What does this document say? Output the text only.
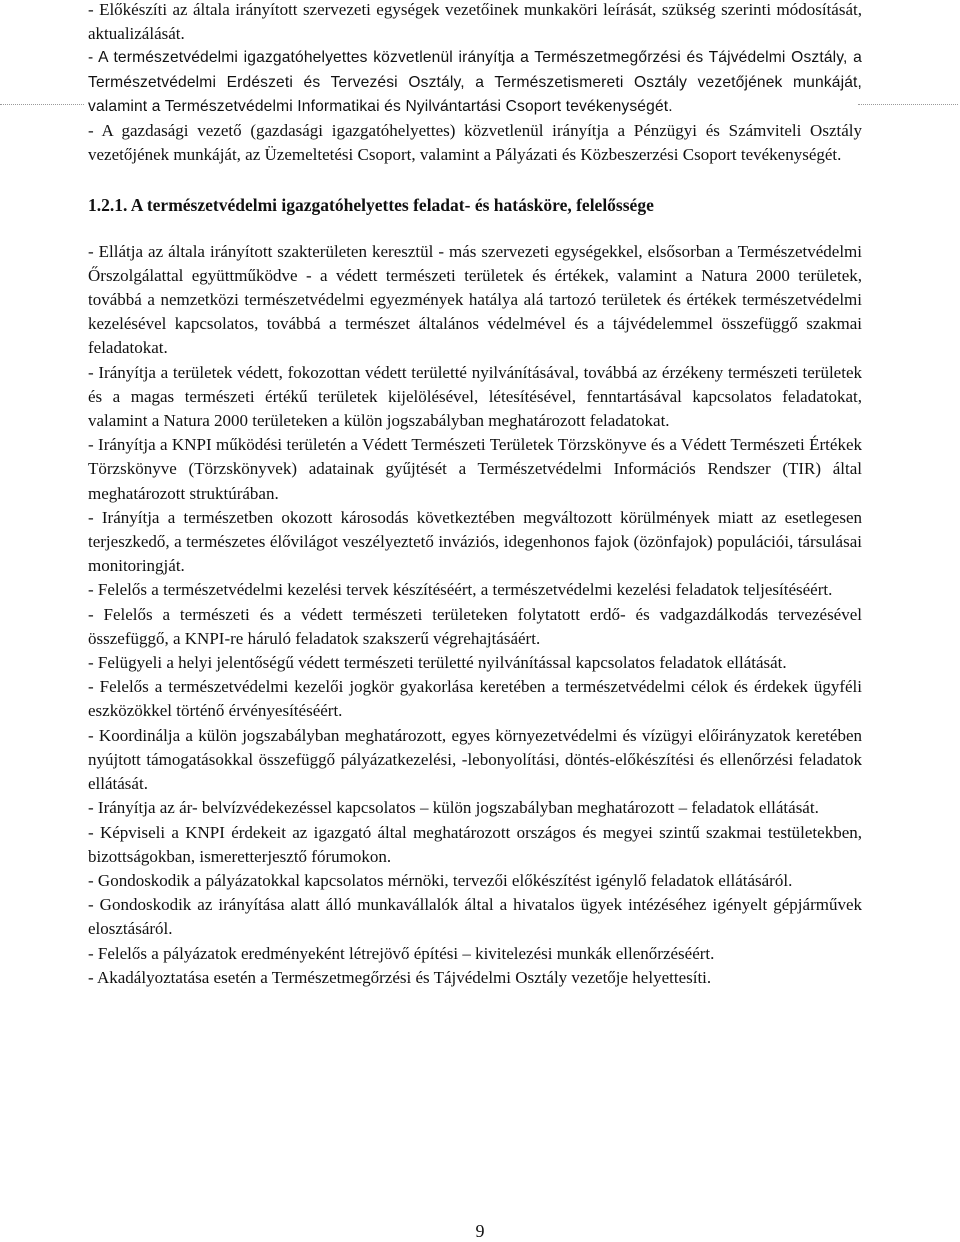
- Előkészíti az általa irányított szervezeti egységek vezetőinek munkaköri leírását, szükség szerinti módosítását, aktualizálását.

- A természetvédelmi igazgatóhelyettes közvetlenül irányítja a Természetmegőrzési és Tájvédelmi Osztály, a Természetvédelmi Erdészeti és Tervezési Osztály, a Természetismereti Osztály vezetőjének munkáját, valamint a Természetvédelmi Informatikai és Nyilvántartási Csoport tevékenységét.

- A gazdasági vezető (gazdasági igazgatóhelyettes) közvetlenül irányítja a Pénzügyi és Számviteli Osztály vezetőjének munkáját, az Üzemeltetési Csoport, valamint a Pályázati és Közbeszerzési Csoport tevékenységét.

1.2.1. A természetvédelmi igazgatóhelyettes feladat- és hatásköre, felelőssége

- Ellátja az általa irányított szakterületen keresztül - más szervezeti egységekkel, elsősorban a Természetvédelmi Őrszolgálattal együttműködve - a védett természeti területek és értékek, valamint a Natura 2000 területek, továbbá a nemzetközi természetvédelmi egyezmények hatálya alá tartozó területek és értékek természetvédelmi kezelésével kapcsolatos, továbbá a természet általános védelmével és a tájvédelemmel összefüggő szakmai feladatokat.

- Irányítja a területek védett, fokozottan védett területté nyilvánításával, továbbá az érzékeny természeti területek és a magas természeti értékű területek kijelölésével, létesítésével, fenntartásával kapcsolatos feladatokat, valamint a Natura 2000 területeken a külön jogszabályban meghatározott feladatokat.

- Irányítja a KNPI működési területén a Védett Természeti Területek Törzskönyve és a Védett Természeti Értékek Törzskönyve (Törzskönyvek) adatainak gyűjtését a Természetvédelmi Információs Rendszer (TIR) által meghatározott struktúrában.

- Irányítja a természetben okozott károsodás következtében megváltozott körülmények miatt az esetlegesen terjeszkedő, a természetes élővilágot veszélyeztető inváziós, idegenhonos fajok (özönfajok) populációi, társulásai monitoringját.

- Felelős a természetvédelmi kezelési tervek készítéséért, a természetvédelmi kezelési feladatok teljesítéséért.

- Felelős a természeti és a védett természeti területeken folytatott erdő- és vadgazdálkodás tervezésével összefüggő, a KNPI-re háruló feladatok szakszerű végrehajtásáért.

- Felügyeli a helyi jelentőségű védett természeti területté nyilvánítással kapcsolatos feladatok ellátását.

- Felelős a természetvédelmi kezelői jogkör gyakorlása keretében a természetvédelmi célok és érdekek ügyféli eszközökkel történő érvényesítéséért.

- Koordinálja a külön jogszabályban meghatározott, egyes környezetvédelmi és vízügyi előirányzatok keretében nyújtott támogatásokkal összefüggő pályázatkezelési, -lebonyolítási, döntés-előkészítési és ellenőrzési feladatok ellátását.

- Irányítja az ár- belvízvédekezéssel kapcsolatos – külön jogszabályban meghatározott – feladatok ellátását.

- Képviseli a KNPI érdekeit az igazgató által meghatározott országos és megyei szintű szakmai testületekben, bizottságokban, ismeretterjesztő fórumokon.

- Gondoskodik a pályázatokkal kapcsolatos mérnöki, tervezői előkészítést igénylő feladatok ellátásáról.

- Gondoskodik az irányítása alatt álló munkavállalók által a hivatalos ügyek intézéséhez igényelt gépjárművek elosztásáról.

- Felelős a pályázatok eredményeként létrejövő építési – kivitelezési munkák ellenőrzéséért.

- Akadályoztatása esetén a Természetmegőrzési és Tájvédelmi Osztály vezetője helyettesíti.

9
